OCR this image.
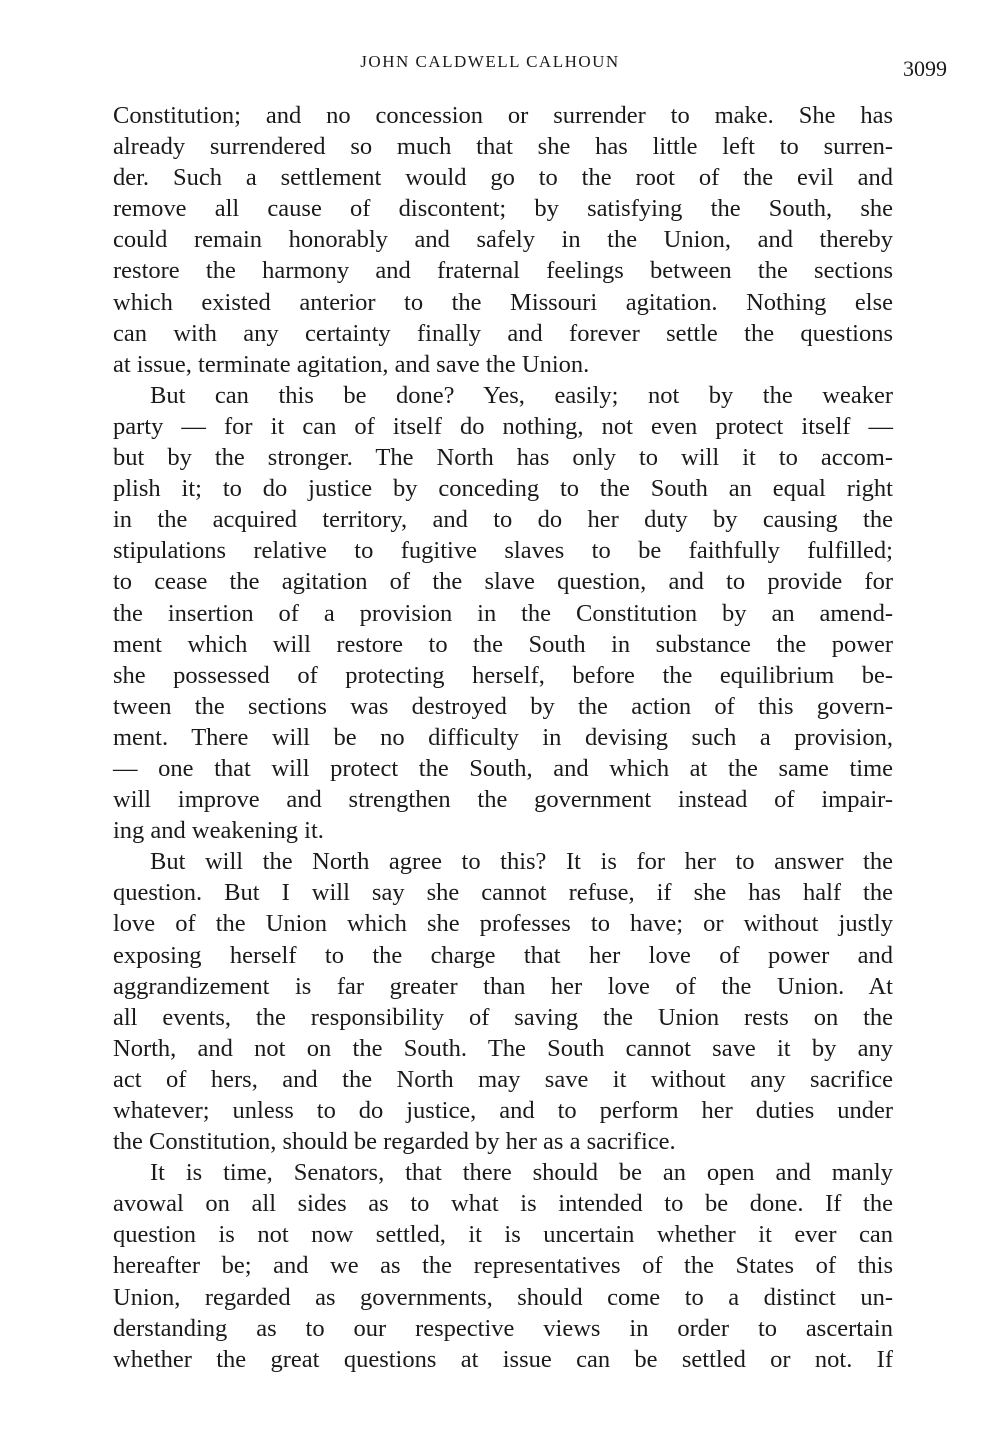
JOHN CALDWELL CALHOUN	3099
Constitution; and no concession or surrender to make. She has
already surrendered so much that she has little left to surren-
der. Such a settlement would go to the root of the evil and
remove all cause of discontent; by satisfying the South, she
could remain honorably and safely in the Union, and thereby
restore the harmony and fraternal feelings between the sections
which existed anterior to the Missouri agitation. Nothing else
can with any certainty finally and forever settle the questions
at issue, terminate agitation, and save the Union.
But can this be done? Yes, easily; not by the weaker
party — for it can of itself do nothing, not even protect itself —
but by the stronger. The North has only to will it to accom-
plish it; to do justice by conceding to the South an equal right
in the acquired territory, and to do her duty by causing the
stipulations relative to fugitive slaves to be faithfully fulfilled;
to cease the agitation of the slave question, and to provide for
the insertion of a provision in the Constitution by an amend-
ment which will restore to the South in substance the power
she possessed of protecting herself, before the equilibrium be-
tween the sections was destroyed by the action of this govern-
ment. There will be no difficulty in devising such a provision,
— one that will protect the South, and which at the same time
will improve and strengthen the government instead of impair-
ing and weakening it.
But will the North agree to this? It is for her to answer the
question. But I will say she cannot refuse, if she has half the
love of the Union which she professes to have; or without justly
exposing herself to the charge that her love of power and
aggrandizement is far greater than her love of the Union. At
all events, the responsibility of saving the Union rests on the
North, and not on the South. The South cannot save it by any
act of hers, and the North may save it without any sacrifice
whatever; unless to do justice, and to perform her duties under
the Constitution, should be regarded by her as a sacrifice.
It is time, Senators, that there should be an open and manly
avowal on all sides as to what is intended to be done. If the
question is not now settled, it is uncertain whether it ever can
hereafter be; and we as the representatives of the States of this
Union, regarded as governments, should come to a distinct un-
derstanding as to our respective views in order to ascertain
whether the great questions at issue can be settled or not. If
